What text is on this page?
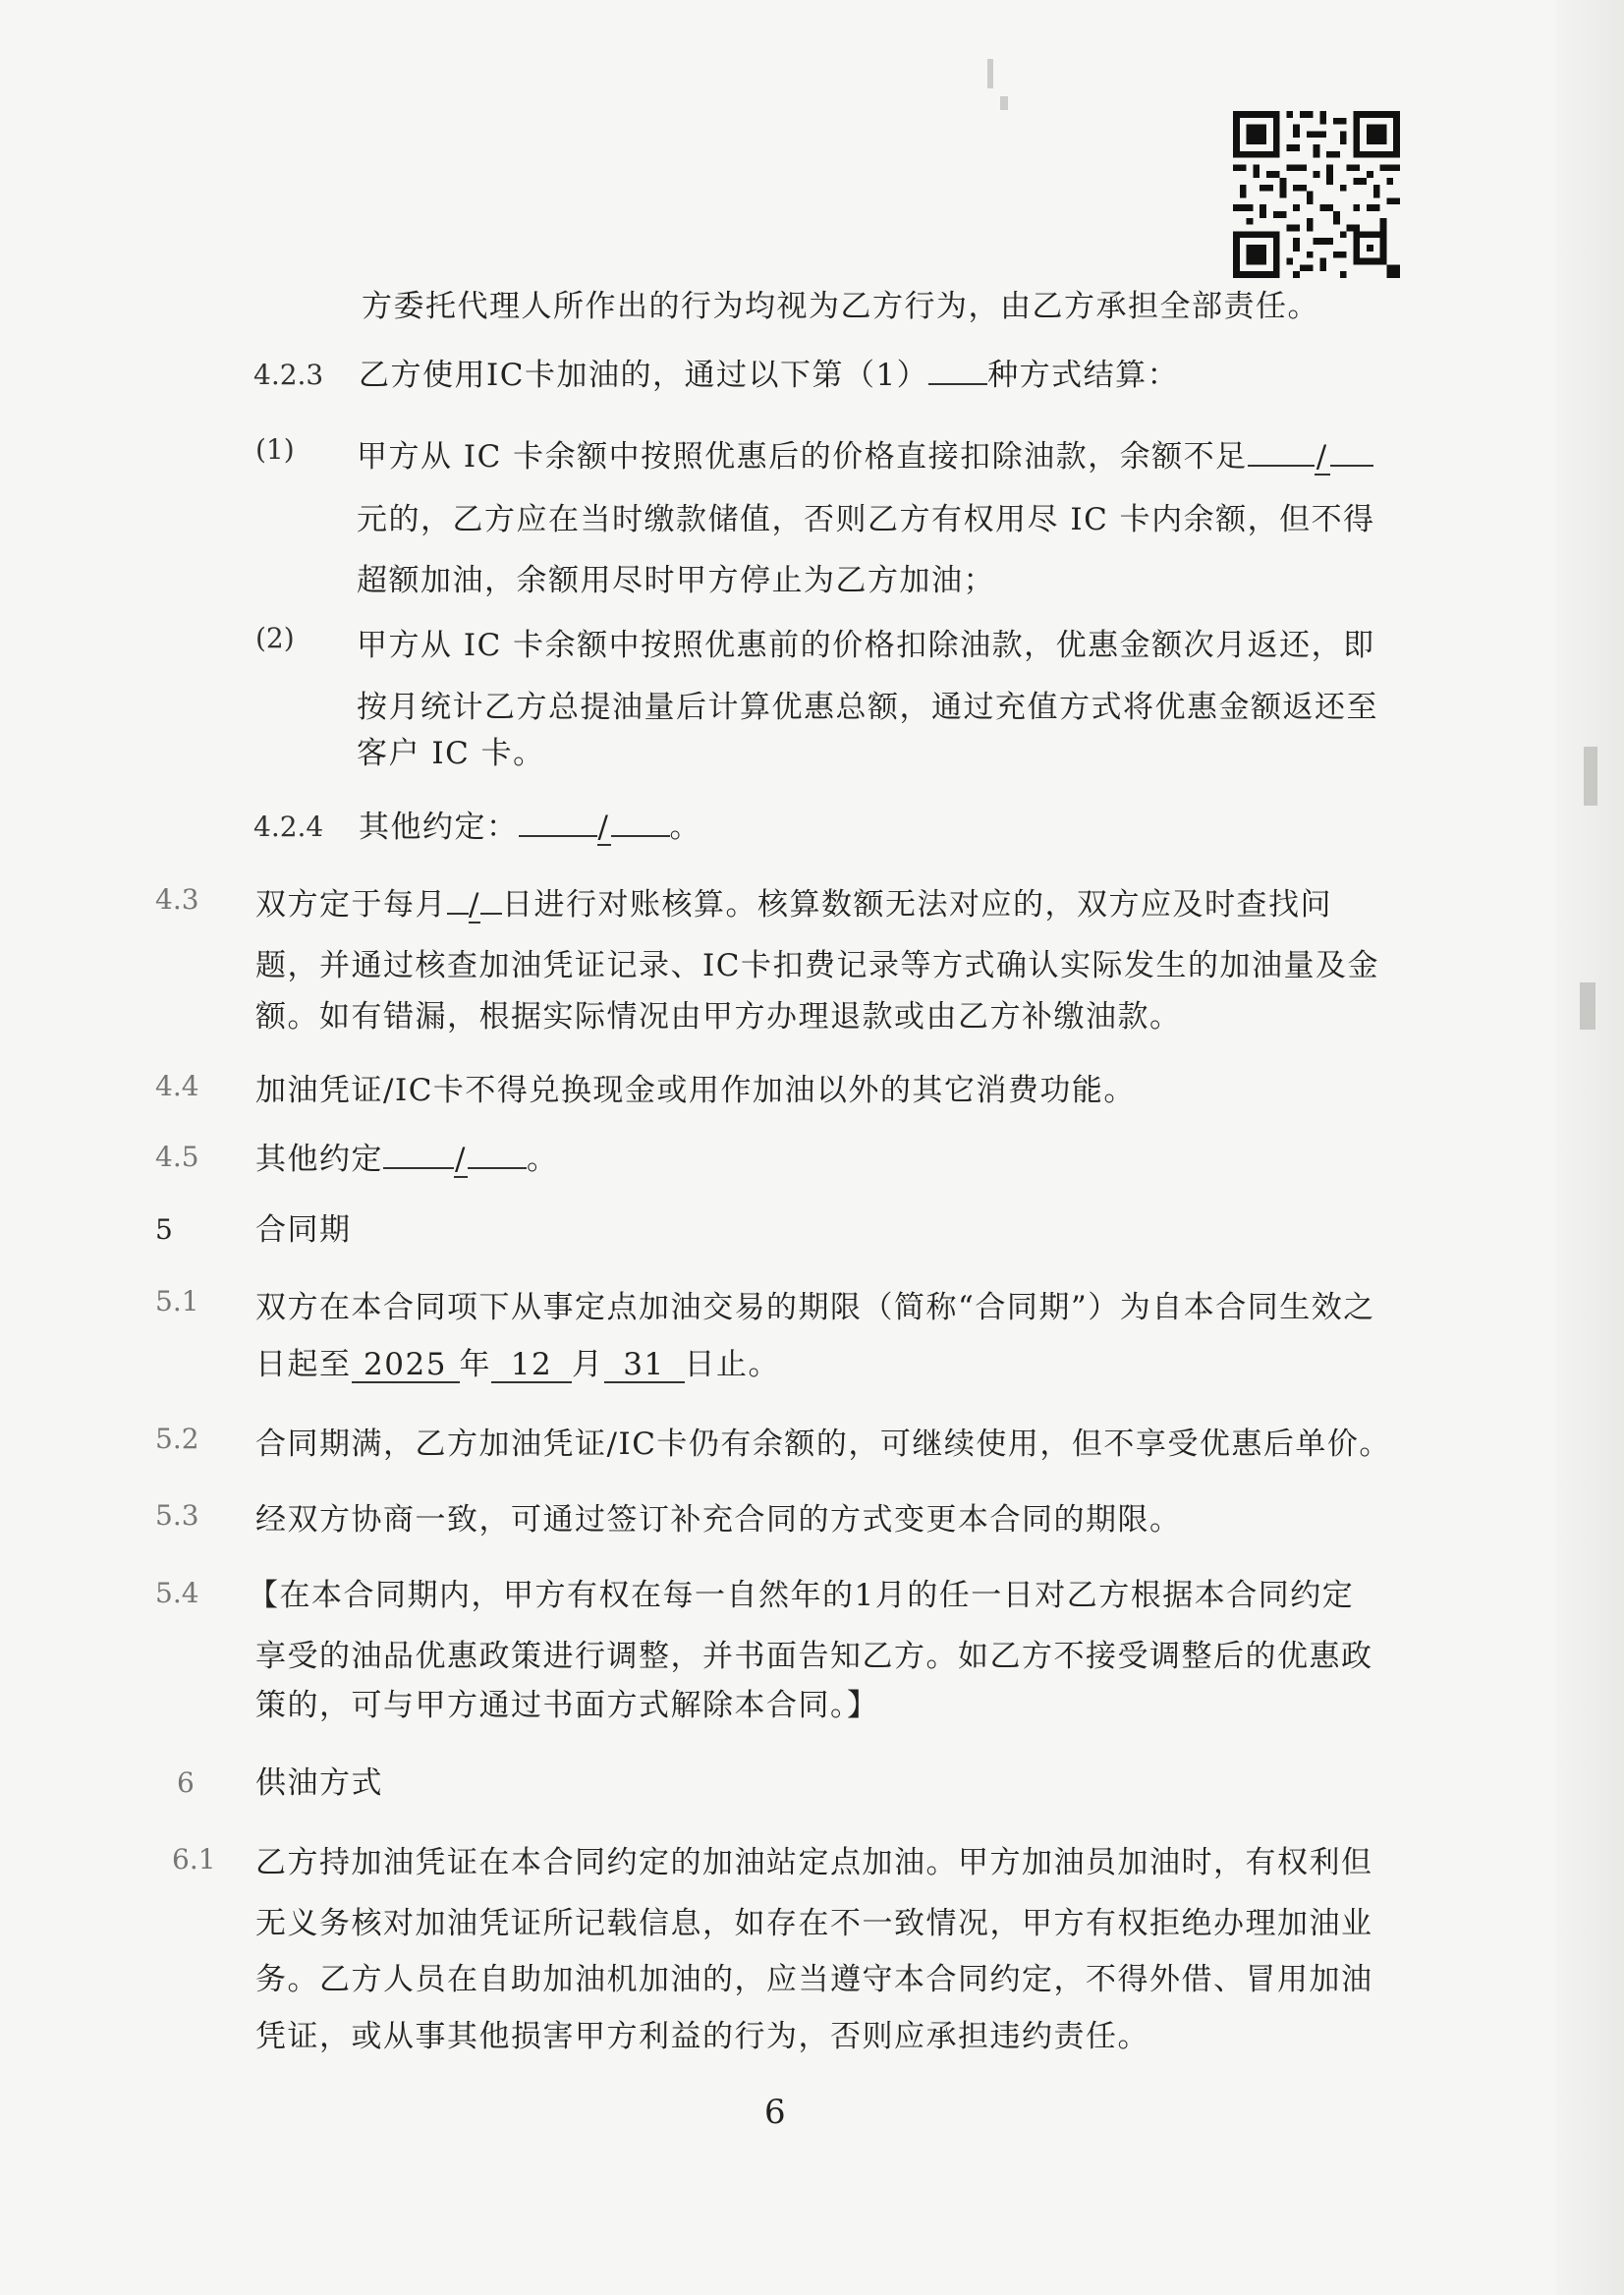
方委托代理人所作出的行为均视为乙方行为，由乙方承担全部责任。
4.2.3 乙方使用IC卡加油的，通过以下第（1） 种方式结算：
(1) 甲方从 IC 卡余额中按照优惠后的价格直接扣除油款，余额不足 /
元的，乙方应在当时缴款储值，否则乙方有权用尽 IC 卡内余额，但不得
超额加油，余额用尽时甲方停止为乙方加油；
(2) 甲方从 IC 卡余额中按照优惠前的价格扣除油款，优惠金额次月返还，即
按月统计乙方总提油量后计算优惠总额，通过充值方式将优惠金额返还至
客户 IC 卡。
4.2.4 其他约定：	/ 。
4.3 双方定于每月 / 日进行对账核算。核算数额无法对应的，双方应及时查找问
题，并通过核查加油凭证记录、IC卡扣费记录等方式确认实际发生的加油量及金
额。如有错漏，根据实际情况由甲方办理退款或由乙方补缴油款。
4.4 加油凭证/IC卡不得兑换现金或用作加油以外的其它消费功能。
4.5 其他约定 / 。
5	合同期
5.1 双方在本合同项下从事定点加油交易的期限（简称“合同期”）为自本合同生效之
日起至 2025 年 12 月 31 日止。
5.2 合同期满，乙方加油凭证/IC卡仍有余额的，可继续使用，但不享受优惠后单价。
5.3 经双方协商一致，可通过签订补充合同的方式变更本合同的期限。
5.4 【在本合同期内，甲方有权在每一自然年的1月的任一日对乙方根据本合同约定
享受的油品优惠政策进行调整，并书面告知乙方。如乙方不接受调整后的优惠政
策的，可与甲方通过书面方式解除本合同。】
6 供油方式
6.1 乙方持加油凭证在本合同约定的加油站定点加油。甲方加油员加油时，有权利但
无义务核对加油凭证所记载信息，如存在不一致情况，甲方有权拒绝办理加油业
务。乙方人员在自助加油机加油的，应当遵守本合同约定，不得外借、冒用加油
凭证，或从事其他损害甲方利益的行为，否则应承担违约责任。
6
